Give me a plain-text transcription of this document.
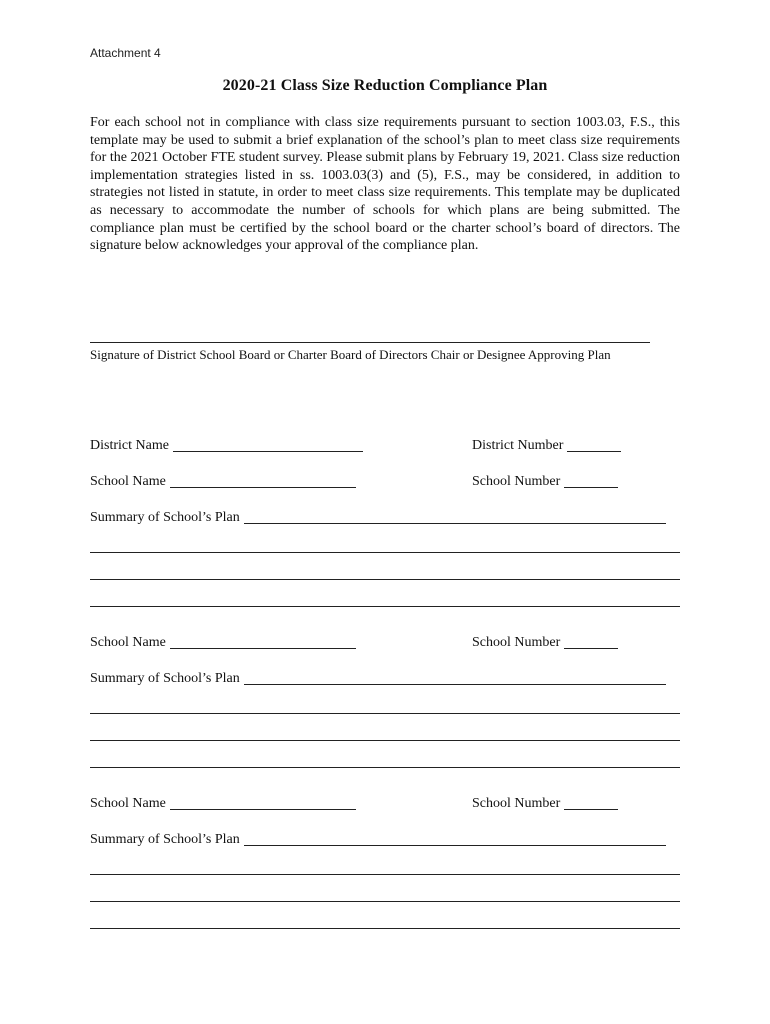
Attachment 4
2020-21 Class Size Reduction Compliance Plan
For each school not in compliance with class size requirements pursuant to section 1003.03, F.S., this template may be used to submit a brief explanation of the school’s plan to meet class size requirements for the 2021 October FTE student survey. Please submit plans by February 19, 2021. Class size reduction implementation strategies listed in ss. 1003.03(3) and (5), F.S., may be considered, in addition to strategies not listed in statute, in order to meet class size requirements. This template may be duplicated as necessary to accommodate the number of schools for which plans are being submitted. The compliance plan must be certified by the school board or the charter school’s board of directors. The signature below acknowledges your approval of the compliance plan.
Signature of District School Board or Charter Board of Directors Chair or Designee Approving Plan
District Name	District Number
School Name	School Number
Summary of School’s Plan
School Name	School Number
Summary of School’s Plan
School Name	School Number
Summary of School’s Plan
